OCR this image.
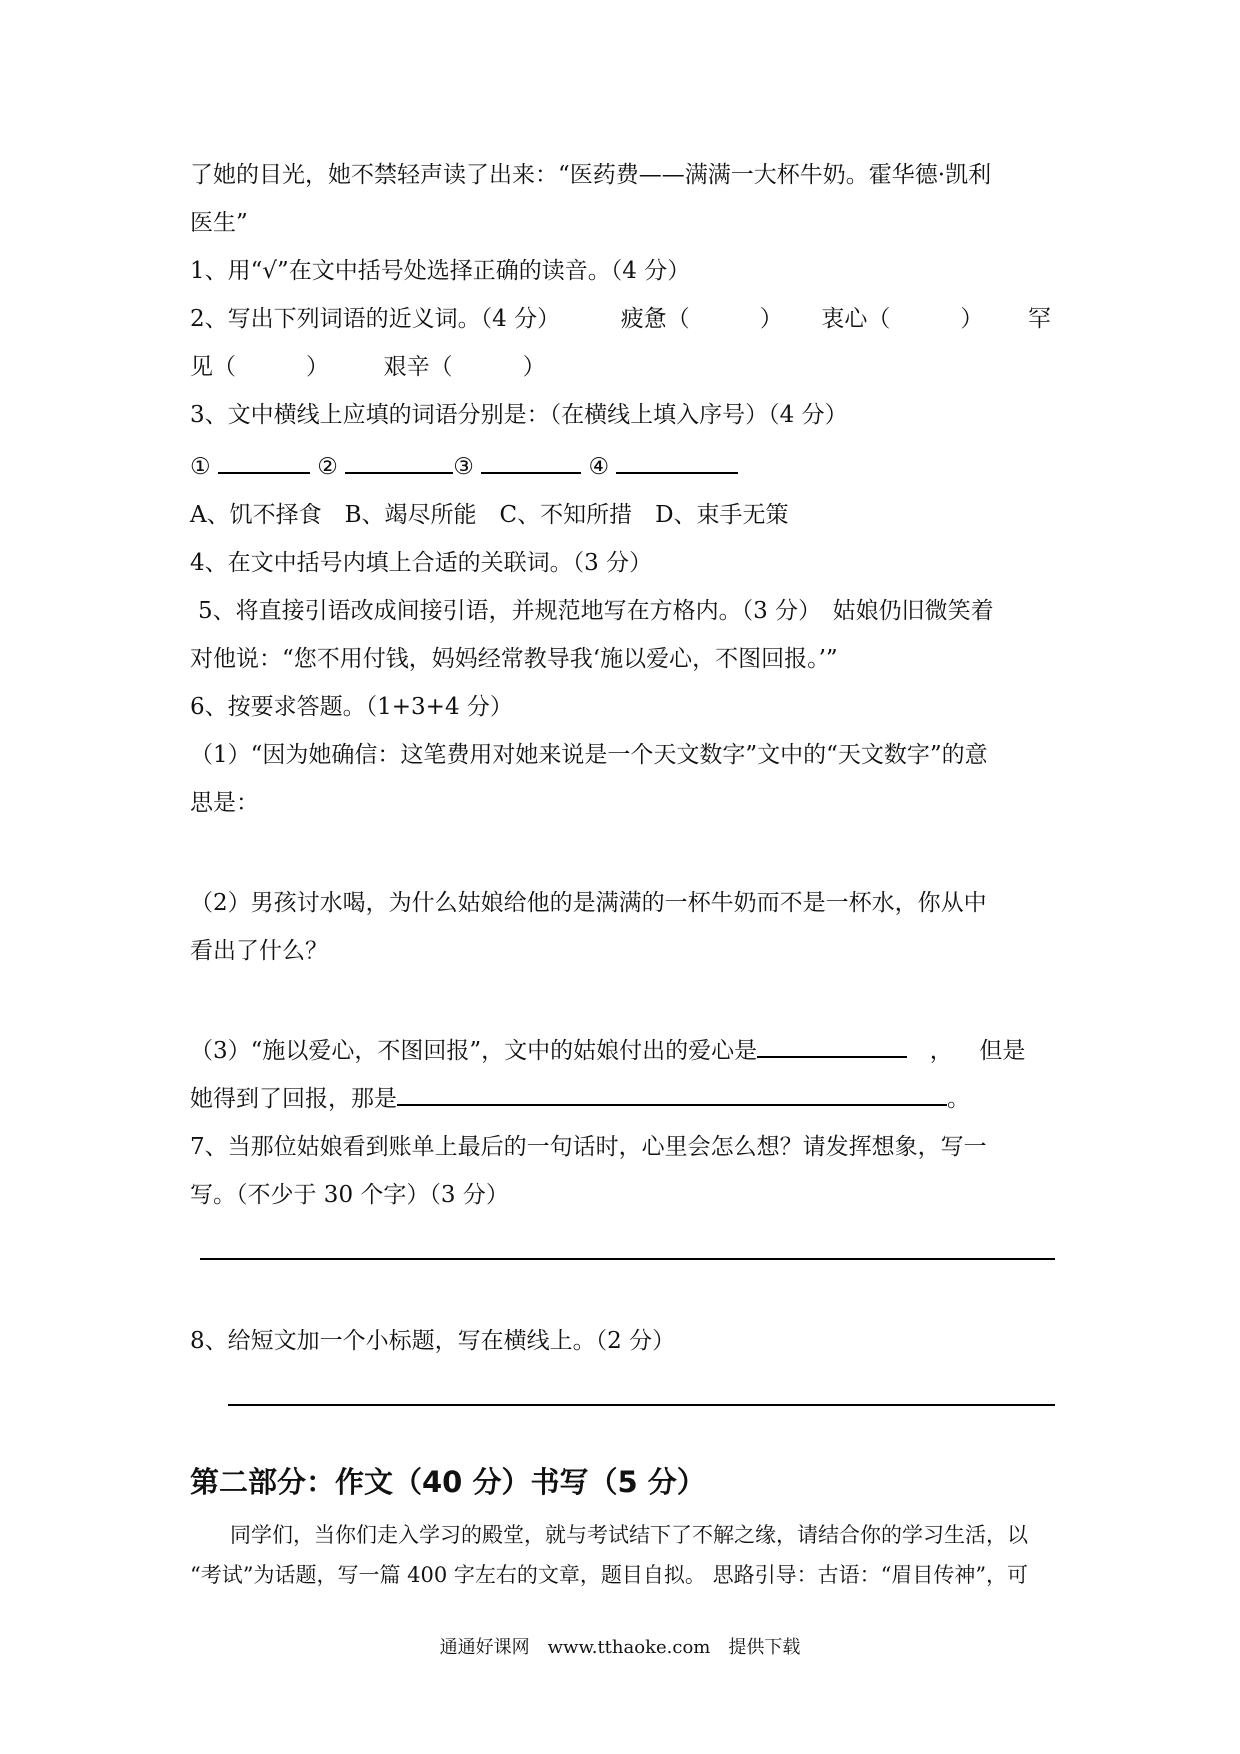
了她的目光，她不禁轻声读了出来：“医药费——满满一大杯牛奶。霍华德·凯利
医生”
1、用“√”在文中括号处选择正确的读音。（4 分）
2、写出下列词语的近义词。（4 分）	疲惫（	） 衷心（	） 罕
见（	） 艰辛（	）
3、文中横线上应填的词语分别是：（在横线上填入序号）（4 分）
①	②	③	④
A、饥不择食　B、竭尽所能　C、不知所措　D、束手无策
4、在文中括号内填上合适的关联词。（3 分）
5、将直接引语改成间接引语，并规范地写在方格内。（3 分）　姑娘仍旧微笑着
对他说：“您不用付钱，妈妈经常教导我‘施以爱心，不图回报。’”
6、按要求答题。（1+3+4 分）
（1）“因为她确信：这笔费用对她来说是一个天文数字”文中的“天文数字”的意
思是：
（2）男孩讨水喝，为什么姑娘给他的是满满的一杯牛奶而不是一杯水，你从中
看出了什么？
（3）“施以爱心，不图回报”，文中的姑娘付出的爱心是	， 但是
她得到了回报，那是	。
7、当那位姑娘看到账单上最后的一句话时，心里会怎么想？请发挥想象，写一
写。（不少于 30 个字）（3 分）
8、给短文加一个小标题，写在横线上。（2 分）
第二部分：作文（40 分）书写（5 分）
同学们，当你们走入学习的殿堂，就与考试结下了不解之缘，请结合你的学习生活，以
“考试”为话题，写一篇 400 字左右的文章，题目自拟。 思路引导：古语：“眉目传神”，可
通通好课网　www.tthaoke.com　提供下载
